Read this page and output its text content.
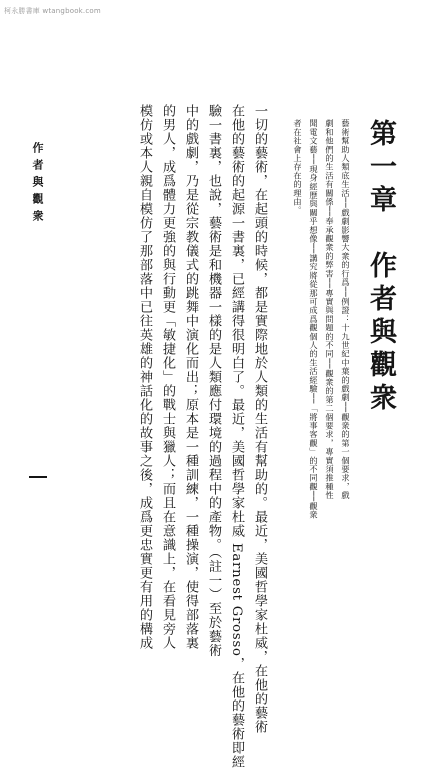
柯永勝書庫 wtangbook.com
第一章　作者與觀衆
藝術幫助人類底生活──戲劇影響大衆的行爲──例證：十九世紀中葉的戲劇──觀衆的第一個要求，戲
劇和他們的生活有關係──奉承觀衆的弊害──專實與問題的不同──觀衆的第二個要求，專實須推種性
聞電文藝──現身經歷與關乎想像──講究將從那可成爲觀個人的生活經驗──「將事客觀」的不同觀──觀衆
者在社會上存在的理由。
一切的藝術，在起頭的時候，都是實際地於人類的生活有幫助的。最近，美國哲學家杜威，在他的藝術
在他的藝術的起源一書裏，已經講得很明白了。最近，美國哲學家杜威 Earnest Grosso，在他的藝術即經
驗一書裏，也說，藝術是和機器一樣的是人類應付環境的過程中的產物。（註一）至於藝術
中的戲劇，乃是從宗教儀式的跳舞中演化而出；原本是一種訓練，一種操演，使得部落裏
的男人，成爲體力更強的與行動更「敏捷化」的戰士與獵人；而且在意識上，在看見旁人
模仿或本人親自模仿了那部落中已往英雄的神話化的故事之後，成爲更忠實更有用的構成
作者與觀衆
